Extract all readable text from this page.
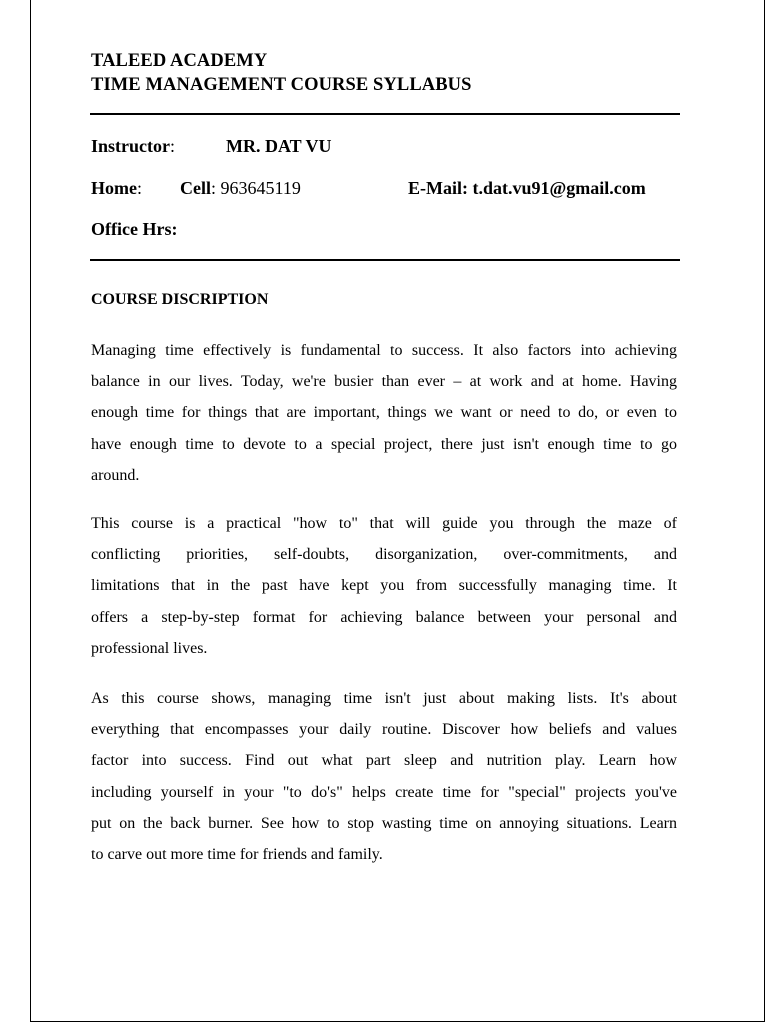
TALEED ACADEMY
TIME MANAGEMENT COURSE SYLLABUS
Instructor:	MR. DAT VU
Home: Cell: 963645119	E-Mail: t.dat.vu91@gmail.com
Office Hrs:
COURSE DISCRIPTION
Managing time effectively is fundamental to success. It also factors into achieving
balance in our lives. Today, we're busier than ever – at work and at home. Having
enough time for things that are important, things we want or need to do, or even to
have enough time to devote to a special project, there just isn't enough time to go
around.
This course is a practical "how to" that will guide you through the maze of
conflicting priorities, self-doubts, disorganization, over-commitments, and
limitations that in the past have kept you from successfully managing time. It
offers a step-by-step format for achieving balance between your personal and
professional lives.
As this course shows, managing time isn't just about making lists. It's about
everything that encompasses your daily routine. Discover how beliefs and values
factor into success. Find out what part sleep and nutrition play. Learn how
including yourself in your "to do's" helps create time for "special" projects you've
put on the back burner. See how to stop wasting time on annoying situations. Learn
to carve out more time for friends and family.
